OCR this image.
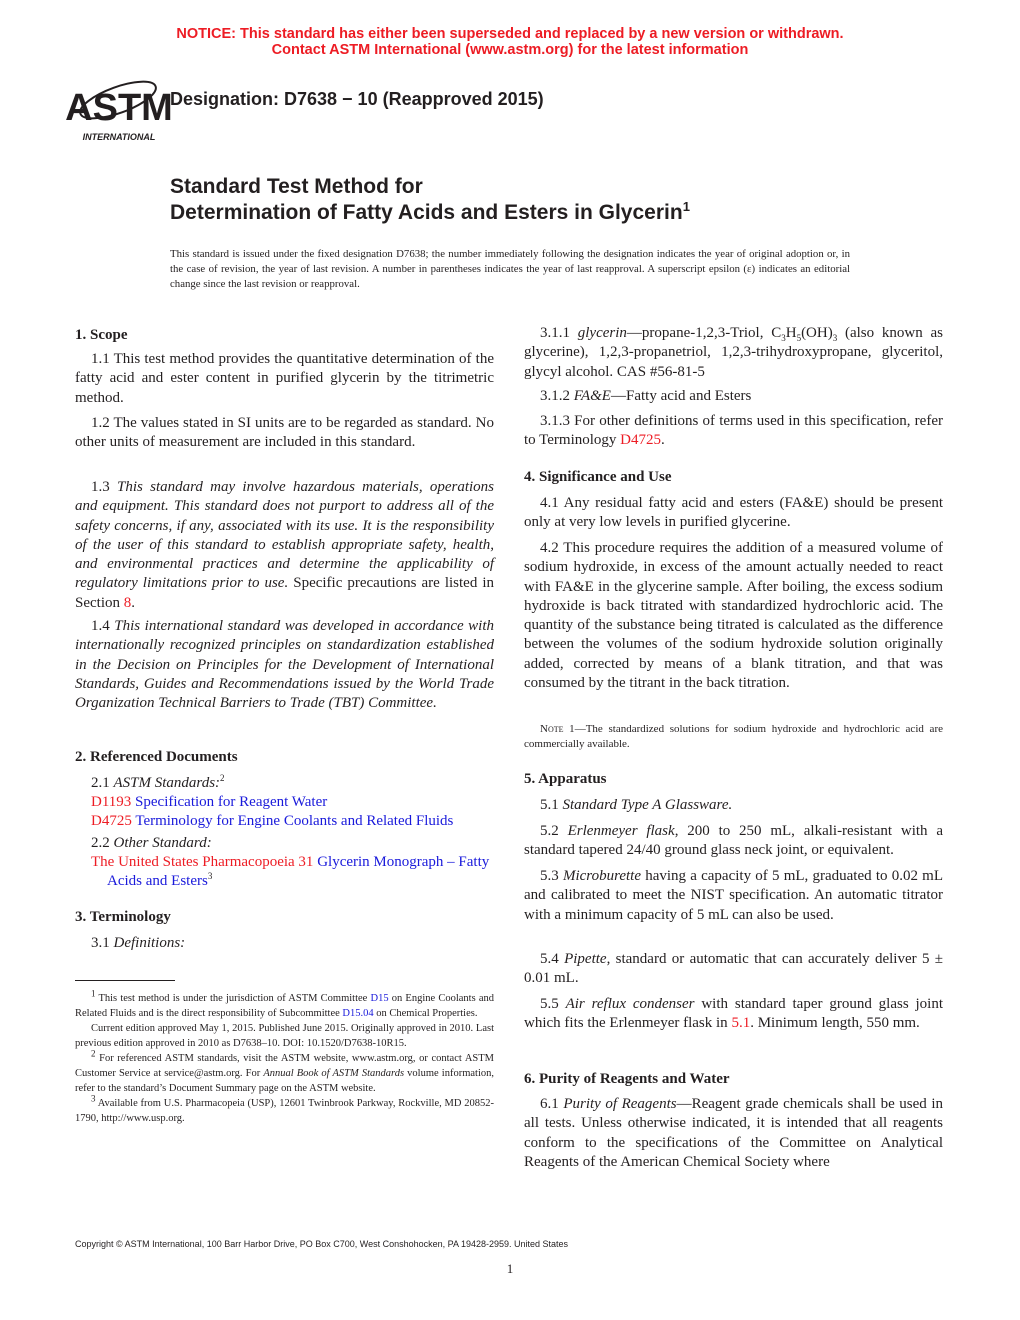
NOTICE: This standard has either been superseded and replaced by a new version or withdrawn.
Contact ASTM International (www.astm.org) for the latest information
ASTM
INTERNATIONAL
Designation: D7638 − 10 (Reapproved 2015)
Standard Test Method for
Determination of Fatty Acids and Esters in Glycerin$^1$
This standard is issued under the fixed designation D7638; the number immediately following the designation indicates the year of original adoption or, in the case of revision, the year of last revision. A number in parentheses indicates the year of last reapproval. A superscript epsilon (ε) indicates an editorial change since the last revision or reapproval.
1. Scope
1.1 This test method provides the quantitative determination of the fatty acid and ester content in purified glycerin by the titrimetric method.
1.2 The values stated in SI units are to be regarded as standard. No other units of measurement are included in this standard.
1.3 This standard may involve hazardous materials, operations and equipment. This standard does not purport to address all of the safety concerns, if any, associated with its use. It is the responsibility of the user of this standard to establish appropriate safety, health, and environmental practices and determine the applicability of regulatory limitations prior to use. Specific precautions are listed in Section 8.
1.4 This international standard was developed in accordance with internationally recognized principles on standardization established in the Decision on Principles for the Development of International Standards, Guides and Recommendations issued by the World Trade Organization Technical Barriers to Trade (TBT) Committee.
2. Referenced Documents
2.1 ASTM Standards:$^2$
D1193 Specification for Reagent Water
D4725 Terminology for Engine Coolants and Related Fluids
2.2 Other Standard:
The United States Pharmacopoeia 31 Glycerin Monograph – Fatty Acids and Esters$^3$
3. Terminology
3.1 Definitions:
3.1.1 glycerin—propane-1,2,3-Triol, $C_3H_5(OH)_3$ (also known as glycerine), 1,2,3-propanetriol, 1,2,3-trihydroxypropane, glyceritol, glycyl alcohol. CAS #56-81-5
3.1.2 FA&E—Fatty acid and Esters
3.1.3 For other definitions of terms used in this specification, refer to Terminology D4725.
4. Significance and Use
4.1 Any residual fatty acid and esters (FA&E) should be present only at very low levels in purified glycerine.
4.2 This procedure requires the addition of a measured volume of sodium hydroxide, in excess of the amount actually needed to react with FA&E in the glycerine sample. After boiling, the excess sodium hydroxide is back titrated with standardized hydrochloric acid. The quantity of the substance being titrated is calculated as the difference between the volumes of the sodium hydroxide solution originally added, corrected by means of a blank titration, and that was consumed by the titrant in the back titration.
Note 1—The standardized solutions for sodium hydroxide and hydrochloric acid are commercially available.
5. Apparatus
5.1 Standard Type A Glassware.
5.2 Erlenmeyer flask, 200 to 250 mL, alkali-resistant with a standard tapered 24/40 ground glass neck joint, or equivalent.
5.3 Microburette having a capacity of 5 mL, graduated to 0.02 mL and calibrated to meet the NIST specification. An automatic titrator with a minimum capacity of 5 mL can also be used.
5.4 Pipette, standard or automatic that can accurately deliver 5 ± 0.01 mL.
5.5 Air reflux condenser with standard taper ground glass joint which fits the Erlenmeyer flask in 5.1. Minimum length, 550 mm.
6. Purity of Reagents and Water
6.1 Purity of Reagents—Reagent grade chemicals shall be used in all tests. Unless otherwise indicated, it is intended that all reagents conform to the specifications of the Committee on Analytical Reagents of the American Chemical Society where
$^1$ This test method is under the jurisdiction of ASTM Committee D15 on Engine Coolants and Related Fluids and is the direct responsibility of Subcommittee D15.04 on Chemical Properties.
Current edition approved May 1, 2015. Published June 2015. Originally approved in 2010. Last previous edition approved in 2010 as D7638–10. DOI: 10.1520/D7638-10R15.
$^2$ For referenced ASTM standards, visit the ASTM website, www.astm.org, or contact ASTM Customer Service at service@astm.org. For Annual Book of ASTM Standards volume information, refer to the standard’s Document Summary page on the ASTM website.
$^3$ Available from U.S. Pharmacopeia (USP), 12601 Twinbrook Parkway, Rockville, MD 20852-1790, http://www.usp.org.
Copyright © ASTM International, 100 Barr Harbor Drive, PO Box C700, West Conshohocken, PA 19428-2959. United States
1
